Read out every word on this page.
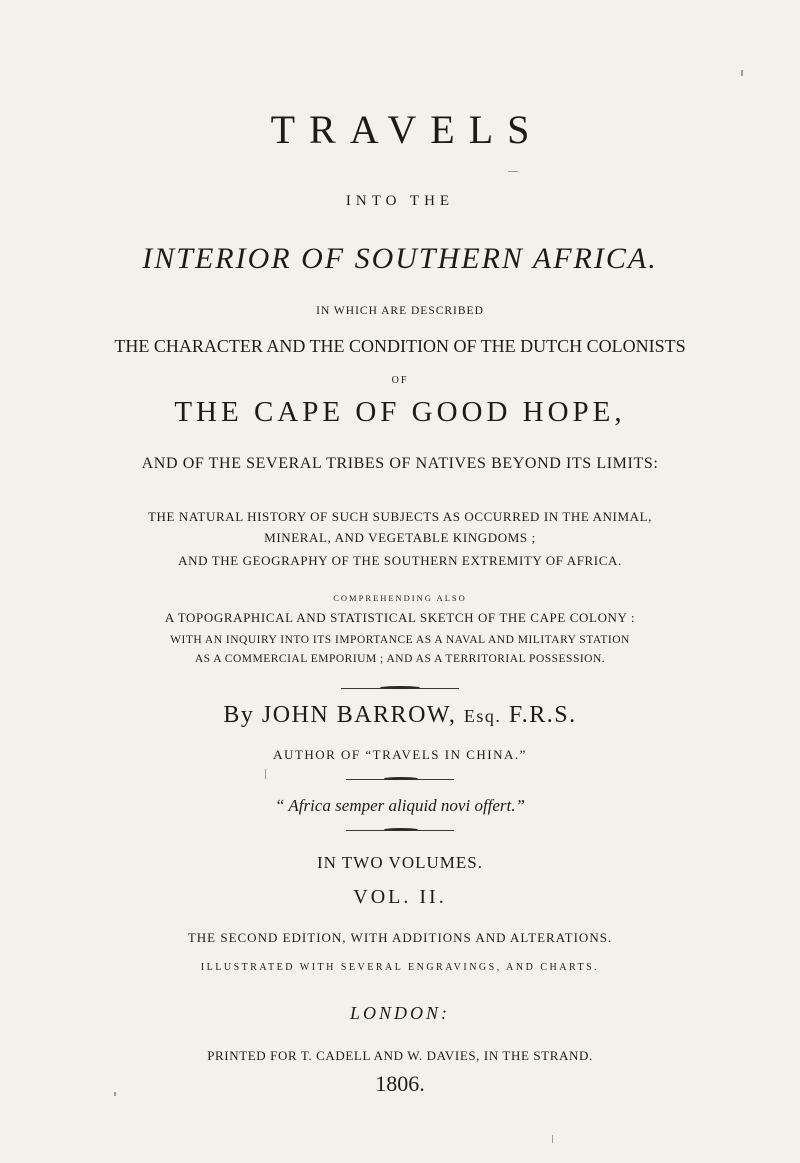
TRAVELS
INTO THE
INTERIOR OF SOUTHERN AFRICA.
IN WHICH ARE DESCRIBED
THE CHARACTER AND THE CONDITION OF THE DUTCH COLONISTS
OF
THE CAPE OF GOOD HOPE,
AND OF THE SEVERAL TRIBES OF NATIVES BEYOND ITS LIMITS:
THE NATURAL HISTORY OF SUCH SUBJECTS AS OCCURRED IN THE ANIMAL,
MINERAL, AND VEGETABLE KINGDOMS ;
AND THE GEOGRAPHY OF THE SOUTHERN EXTREMITY OF AFRICA.
COMPREHENDING ALSO
A TOPOGRAPHICAL AND STATISTICAL SKETCH OF THE CAPE COLONY :
WITH AN INQUIRY INTO ITS IMPORTANCE AS A NAVAL AND MILITARY STATION
AS A COMMERCIAL EMPORIUM ; AND AS A TERRITORIAL POSSESSION.
By JOHN BARROW, Esq. F.R.S.
AUTHOR OF “TRAVELS IN CHINA.”
“ Africa semper aliquid novi offert.”
IN TWO VOLUMES.
VOL. II.
THE SECOND EDITION, WITH ADDITIONS AND ALTERATIONS.
ILLUSTRATED WITH SEVERAL ENGRAVINGS, AND CHARTS.
LONDON:
PRINTED FOR T. CADELL AND W. DAVIES, IN THE STRAND.
1806.
